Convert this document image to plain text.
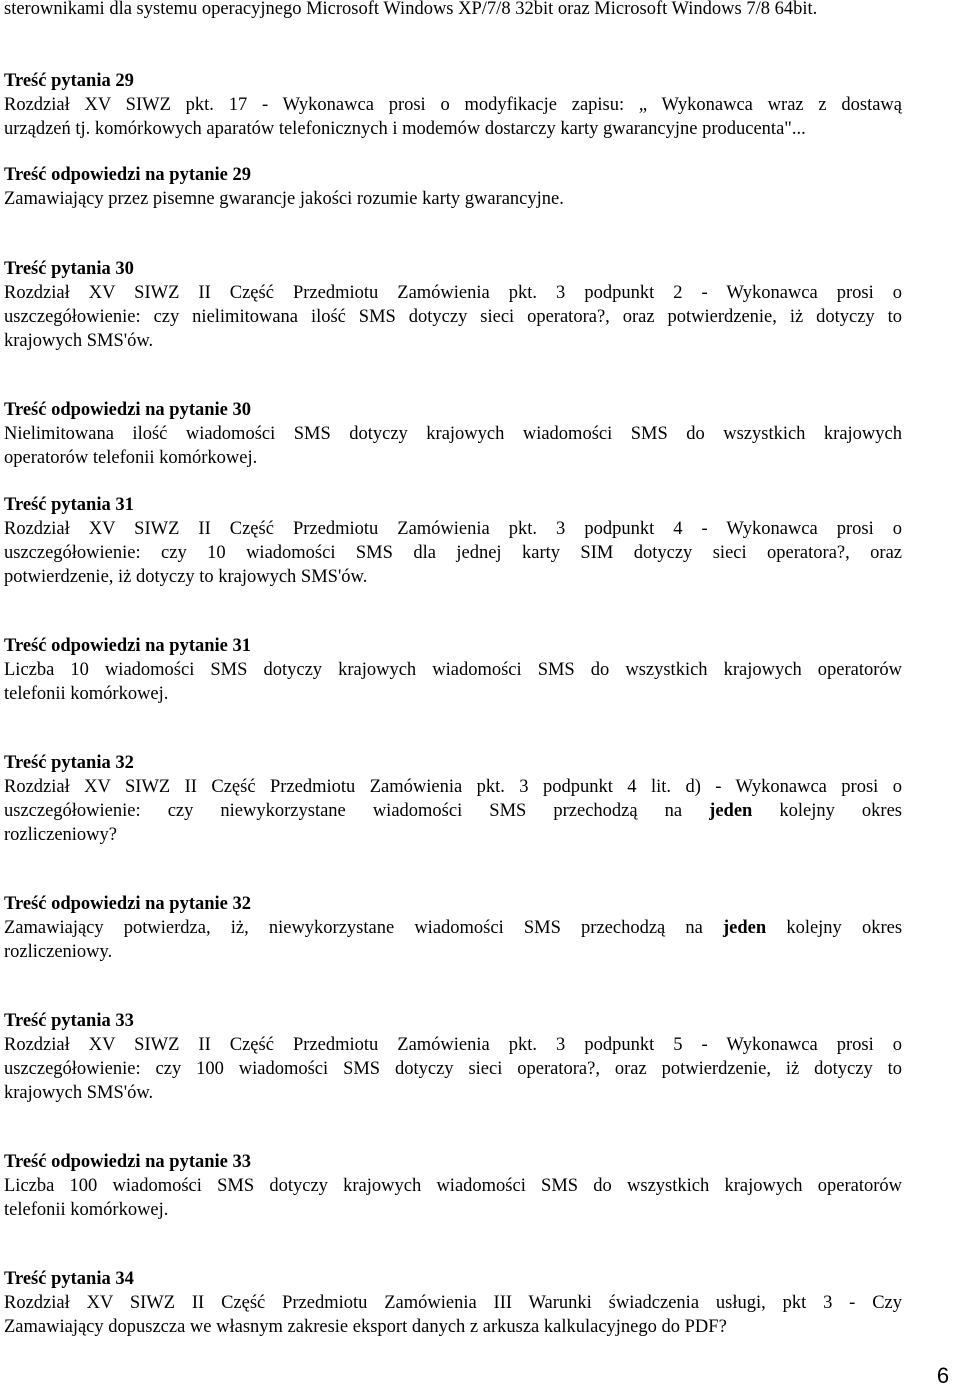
sterownikami dla systemu operacyjnego Microsoft Windows XP/7/8 32bit oraz Microsoft Windows 7/8 64bit.
Treść pytania 29
Rozdział XV SIWZ pkt. 17 - Wykonawca prosi o modyfikacje zapisu: „ Wykonawca wraz z dostawą
urządzeń tj. komórkowych aparatów telefonicznych i modemów dostarczy karty gwarancyjne producenta"...
Treść odpowiedzi na pytanie 29
Zamawiający przez pisemne gwarancje jakości rozumie karty gwarancyjne.
Treść pytania 30
Rozdział XV SIWZ II Część Przedmiotu Zamówienia pkt. 3 podpunkt 2 - Wykonawca prosi o
uszczegółowienie: czy nielimitowana ilość SMS dotyczy sieci operatora?, oraz potwierdzenie, iż dotyczy to
krajowych SMS'ów.
Treść odpowiedzi na pytanie 30
Nielimitowana ilość wiadomości SMS dotyczy krajowych wiadomości SMS do wszystkich krajowych
operatorów telefonii komórkowej.
Treść pytania 31
Rozdział XV SIWZ II Część Przedmiotu Zamówienia pkt. 3 podpunkt 4 - Wykonawca prosi o
uszczegółowienie: czy 10 wiadomości SMS dla jednej karty SIM dotyczy sieci operatora?, oraz
potwierdzenie, iż dotyczy to krajowych SMS'ów.
Treść odpowiedzi na pytanie 31
Liczba 10 wiadomości SMS dotyczy krajowych wiadomości SMS do wszystkich krajowych operatorów
telefonii komórkowej.
Treść pytania 32
Rozdział XV SIWZ II Część Przedmiotu Zamówienia pkt. 3 podpunkt 4 lit. d) - Wykonawca prosi o
uszczegółowienie: czy niewykorzystane wiadomości SMS przechodzą na jeden kolejny okres
rozliczeniowy?
Treść odpowiedzi na pytanie 32
Zamawiający potwierdza, iż, niewykorzystane wiadomości SMS przechodzą na jeden kolejny okres
rozliczeniowy.
Treść pytania 33
Rozdział XV SIWZ II Część Przedmiotu Zamówienia pkt. 3 podpunkt 5 - Wykonawca prosi o
uszczegółowienie: czy 100 wiadomości SMS dotyczy sieci operatora?, oraz potwierdzenie, iż dotyczy to
krajowych SMS'ów.
Treść odpowiedzi na pytanie 33
Liczba 100 wiadomości SMS dotyczy krajowych wiadomości SMS do wszystkich krajowych operatorów
telefonii komórkowej.
Treść pytania 34
Rozdział XV SIWZ II Część Przedmiotu Zamówienia III Warunki świadczenia usługi, pkt 3 - Czy
Zamawiający dopuszcza we własnym zakresie eksport danych z arkusza kalkulacyjnego do PDF?
6
